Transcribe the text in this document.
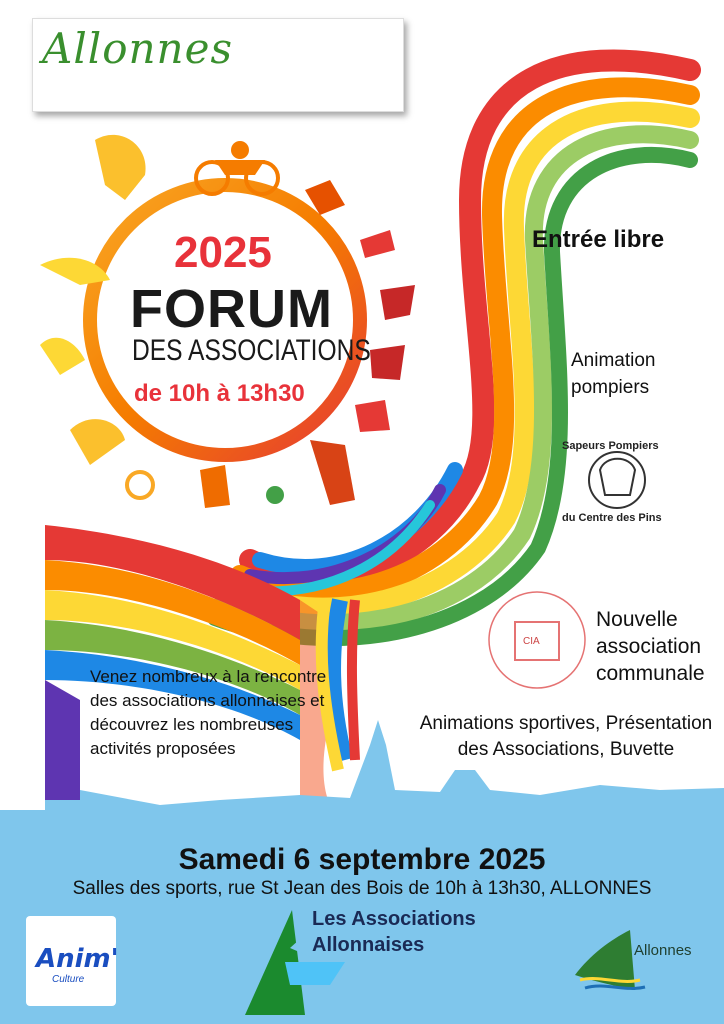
Allonnes
2025
FORUM
DES ASSOCIATIONS
de 10h à 13h30
Entrée libre
Animation pompiers
Sapeurs Pompiers
du Centre des Pins
CIA
Nouvelle association communale
Animations sportives, Présentation des Associations, Buvette
Venez nombreux à la rencontre des associations allonnaises et découvrez les nombreuses activités proposées
Samedi 6 septembre 2025
Salles des sports, rue St Jean des Bois de 10h à 13h30, ALLONNES
Anim'
Culture
Les Associations
Allonnaises	Allonnes
